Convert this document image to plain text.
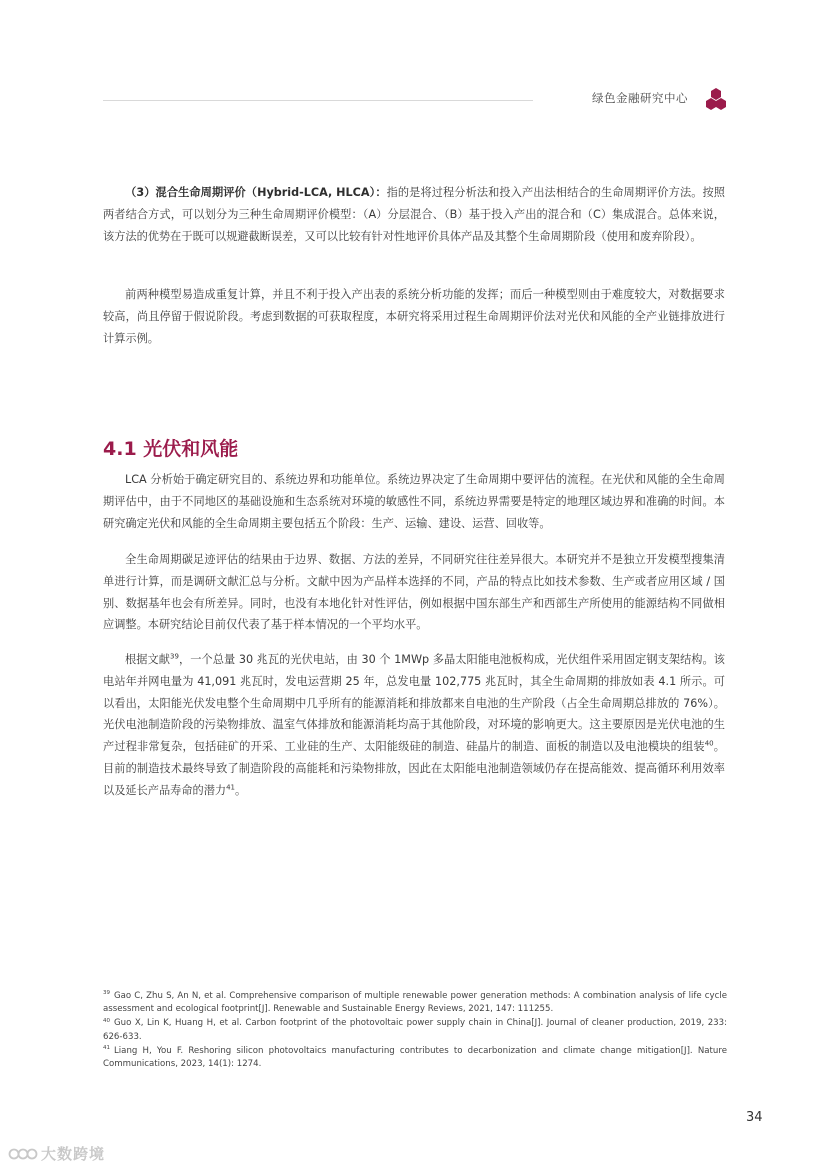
绿色金融研究中心

（3）混合生命周期评价（Hybrid-LCA, HLCA）：指的是将过程分析法和投入产出法相结合的生命周期评价方法。按照两者结合方式，可以划分为三种生命周期评价模型：（A）分层混合、（B）基于投入产出的混合和（C）集成混合。总体来说，该方法的优势在于既可以规避截断误差，又可以比较有针对性地评价具体产品及其整个生命周期阶段（使用和废弃阶段）。

前两种模型易造成重复计算，并且不利于投入产出表的系统分析功能的发挥；而后一种模型则由于难度较大，对数据要求较高，尚且停留于假说阶段。考虑到数据的可获取程度，本研究将采用过程生命周期评价法对光伏和风能的全产业链排放进行计算示例。

4.1 光伏和风能

LCA 分析始于确定研究目的、系统边界和功能单位。系统边界决定了生命周期中要评估的流程。在光伏和风能的全生命周期评估中，由于不同地区的基础设施和生态系统对环境的敏感性不同，系统边界需要是特定的地理区域边界和准确的时间。本研究确定光伏和风能的全生命周期主要包括五个阶段：生产、运输、建设、运营、回收等。

全生命周期碳足迹评估的结果由于边界、数据、方法的差异，不同研究往往差异很大。本研究并不是独立开发模型搜集清单进行计算，而是调研文献汇总与分析。文献中因为产品样本选择的不同，产品的特点比如技术参数、生产或者应用区域 / 国别、数据基年也会有所差异。同时，也没有本地化针对性评估，例如根据中国东部生产和西部生产所使用的能源结构不同做相应调整。本研究结论目前仅代表了基于样本情况的一个平均水平。

根据文献$^{39}$，一个总量 30 兆瓦的光伏电站，由 30 个 1MWp 多晶太阳能电池板构成，光伏组件采用固定钢支架结构。该电站年并网电量为 41,091 兆瓦时，发电运营期 25 年，总发电量 102,775 兆瓦时，其全生命周期的排放如表 4.1 所示。可以看出，太阳能光伏发电整个生命周期中几乎所有的能源消耗和排放都来自电池的生产阶段（占全生命周期总排放的 76%）。光伏电池制造阶段的污染物排放、温室气体排放和能源消耗均高于其他阶段，对环境的影响更大。这主要原因是光伏电池的生产过程非常复杂，包括硅矿的开采、工业硅的生产、太阳能级硅的制造、硅晶片的制造、面板的制造以及电池模块的组装$^{40}$。目前的制造技术最终导致了制造阶段的高能耗和污染物排放，因此在太阳能电池制造领域仍存在提高能效、提高循环利用效率以及延长产品寿命的潜力$^{41}$。

$^{39}$ Gao C, Zhu S, An N, et al. Comprehensive comparison of multiple renewable power generation methods: A combination analysis of life cycle assessment and ecological footprint[J]. Renewable and Sustainable Energy Reviews, 2021, 147: 111255.

$^{40}$ Guo X, Lin K, Huang H, et al. Carbon footprint of the photovoltaic power supply chain in China[J]. Journal of cleaner production, 2019, 233: 626-633.

$^{41}$ Liang H, You F. Reshoring silicon photovoltaics manufacturing contributes to decarbonization and climate change mitigation[J]. Nature Communications, 2023, 14(1): 1274.

34
大数跨境
